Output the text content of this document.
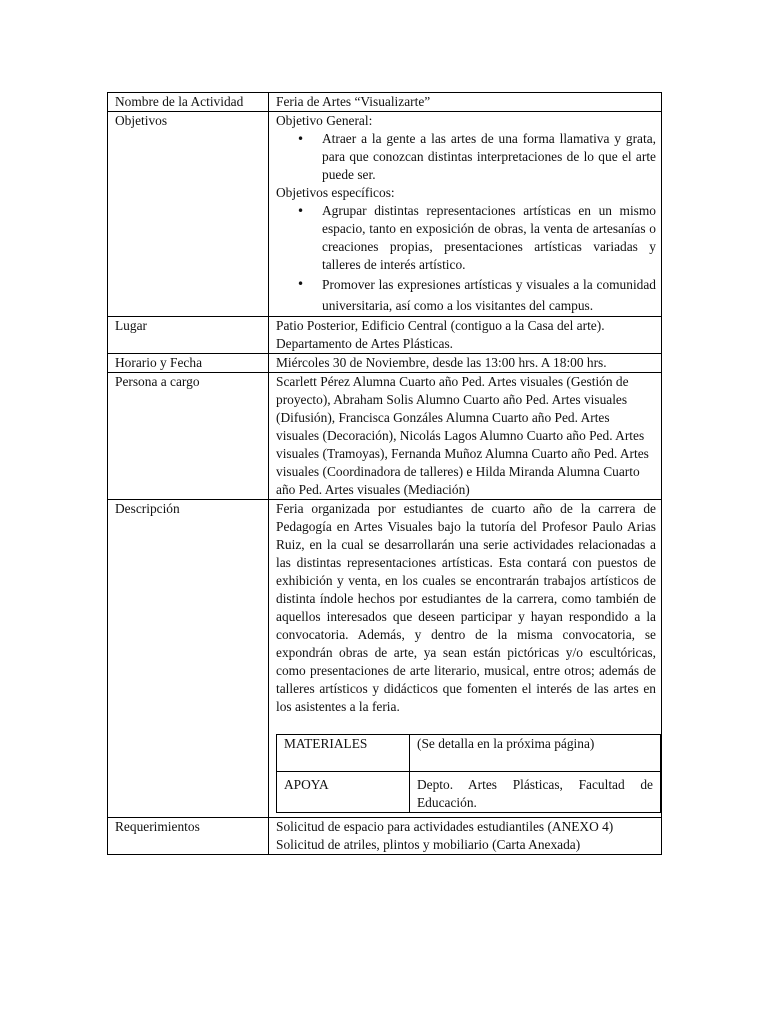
Nombre de la Actividad	Feria de Artes “Visualizarte”
Objetivos	Objetivo General:

• Atraer a la gente a las artes de una forma llamativa y grata, para que conozcan distintas interpretaciones de lo que el arte puede ser.

Objetivos específicos:

• Agrupar distintas representaciones artísticas en un mismo espacio, tanto en exposición de obras, la venta de artesanías o creaciones propias, presentaciones artísticas variadas y talleres de interés artístico.
• Promover las expresiones artísticas y visuales a la comunidad universitaria, así como a los visitantes del campus.

Lugar	Patio Posterior, Edificio Central (contiguo a la Casa del arte). Departamento de Artes Plásticas.
Horario y Fecha	Miércoles 30 de Noviembre, desde las 13:00 hrs. A 18:00 hrs.
Persona a cargo	Scarlett Pérez Alumna Cuarto año Ped. Artes visuales (Gestión de proyecto), Abraham Solis Alumno Cuarto año Ped. Artes visuales (Difusión), Francisca Gonzáles Alumna Cuarto año Ped. Artes visuales (Decoración), Nicolás Lagos Alumno Cuarto año Ped. Artes visuales (Tramoyas), Fernanda Muñoz Alumna Cuarto año Ped. Artes visuales (Coordinadora de talleres) e Hilda Miranda Alumna Cuarto año Ped. Artes visuales (Mediación)
Descripción	Feria organizada por estudiantes de cuarto año de la carrera de Pedagogía en Artes Visuales bajo la tutoría del Profesor Paulo Arias Ruiz, en la cual se desarrollarán una serie actividades relacionadas a las distintas representaciones artísticas. Esta contará con puestos de exhibición y venta, en los cuales se encontrarán trabajos artísticos de distinta índole hechos por estudiantes de la carrera, como también de aquellos interesados que deseen participar y hayan respondido a la convocatoria. Además, y dentro de la misma convocatoria, se expondrán obras de arte, ya sean están pictóricas y/o escultóricas, como presentaciones de arte literario, musical, entre otros; además de talleres artísticos y didácticos que fomenten el interés de las artes en los asistentes a la feria.

MATERIALES	(Se detalla en la próxima página)
APOYA	Depto. Artes Plásticas, Facultad de Educación.

Requerimientos	Solicitud de espacio para actividades estudiantiles (ANEXO 4)

Solicitud de atriles, plintos y mobiliario (Carta Anexada)
